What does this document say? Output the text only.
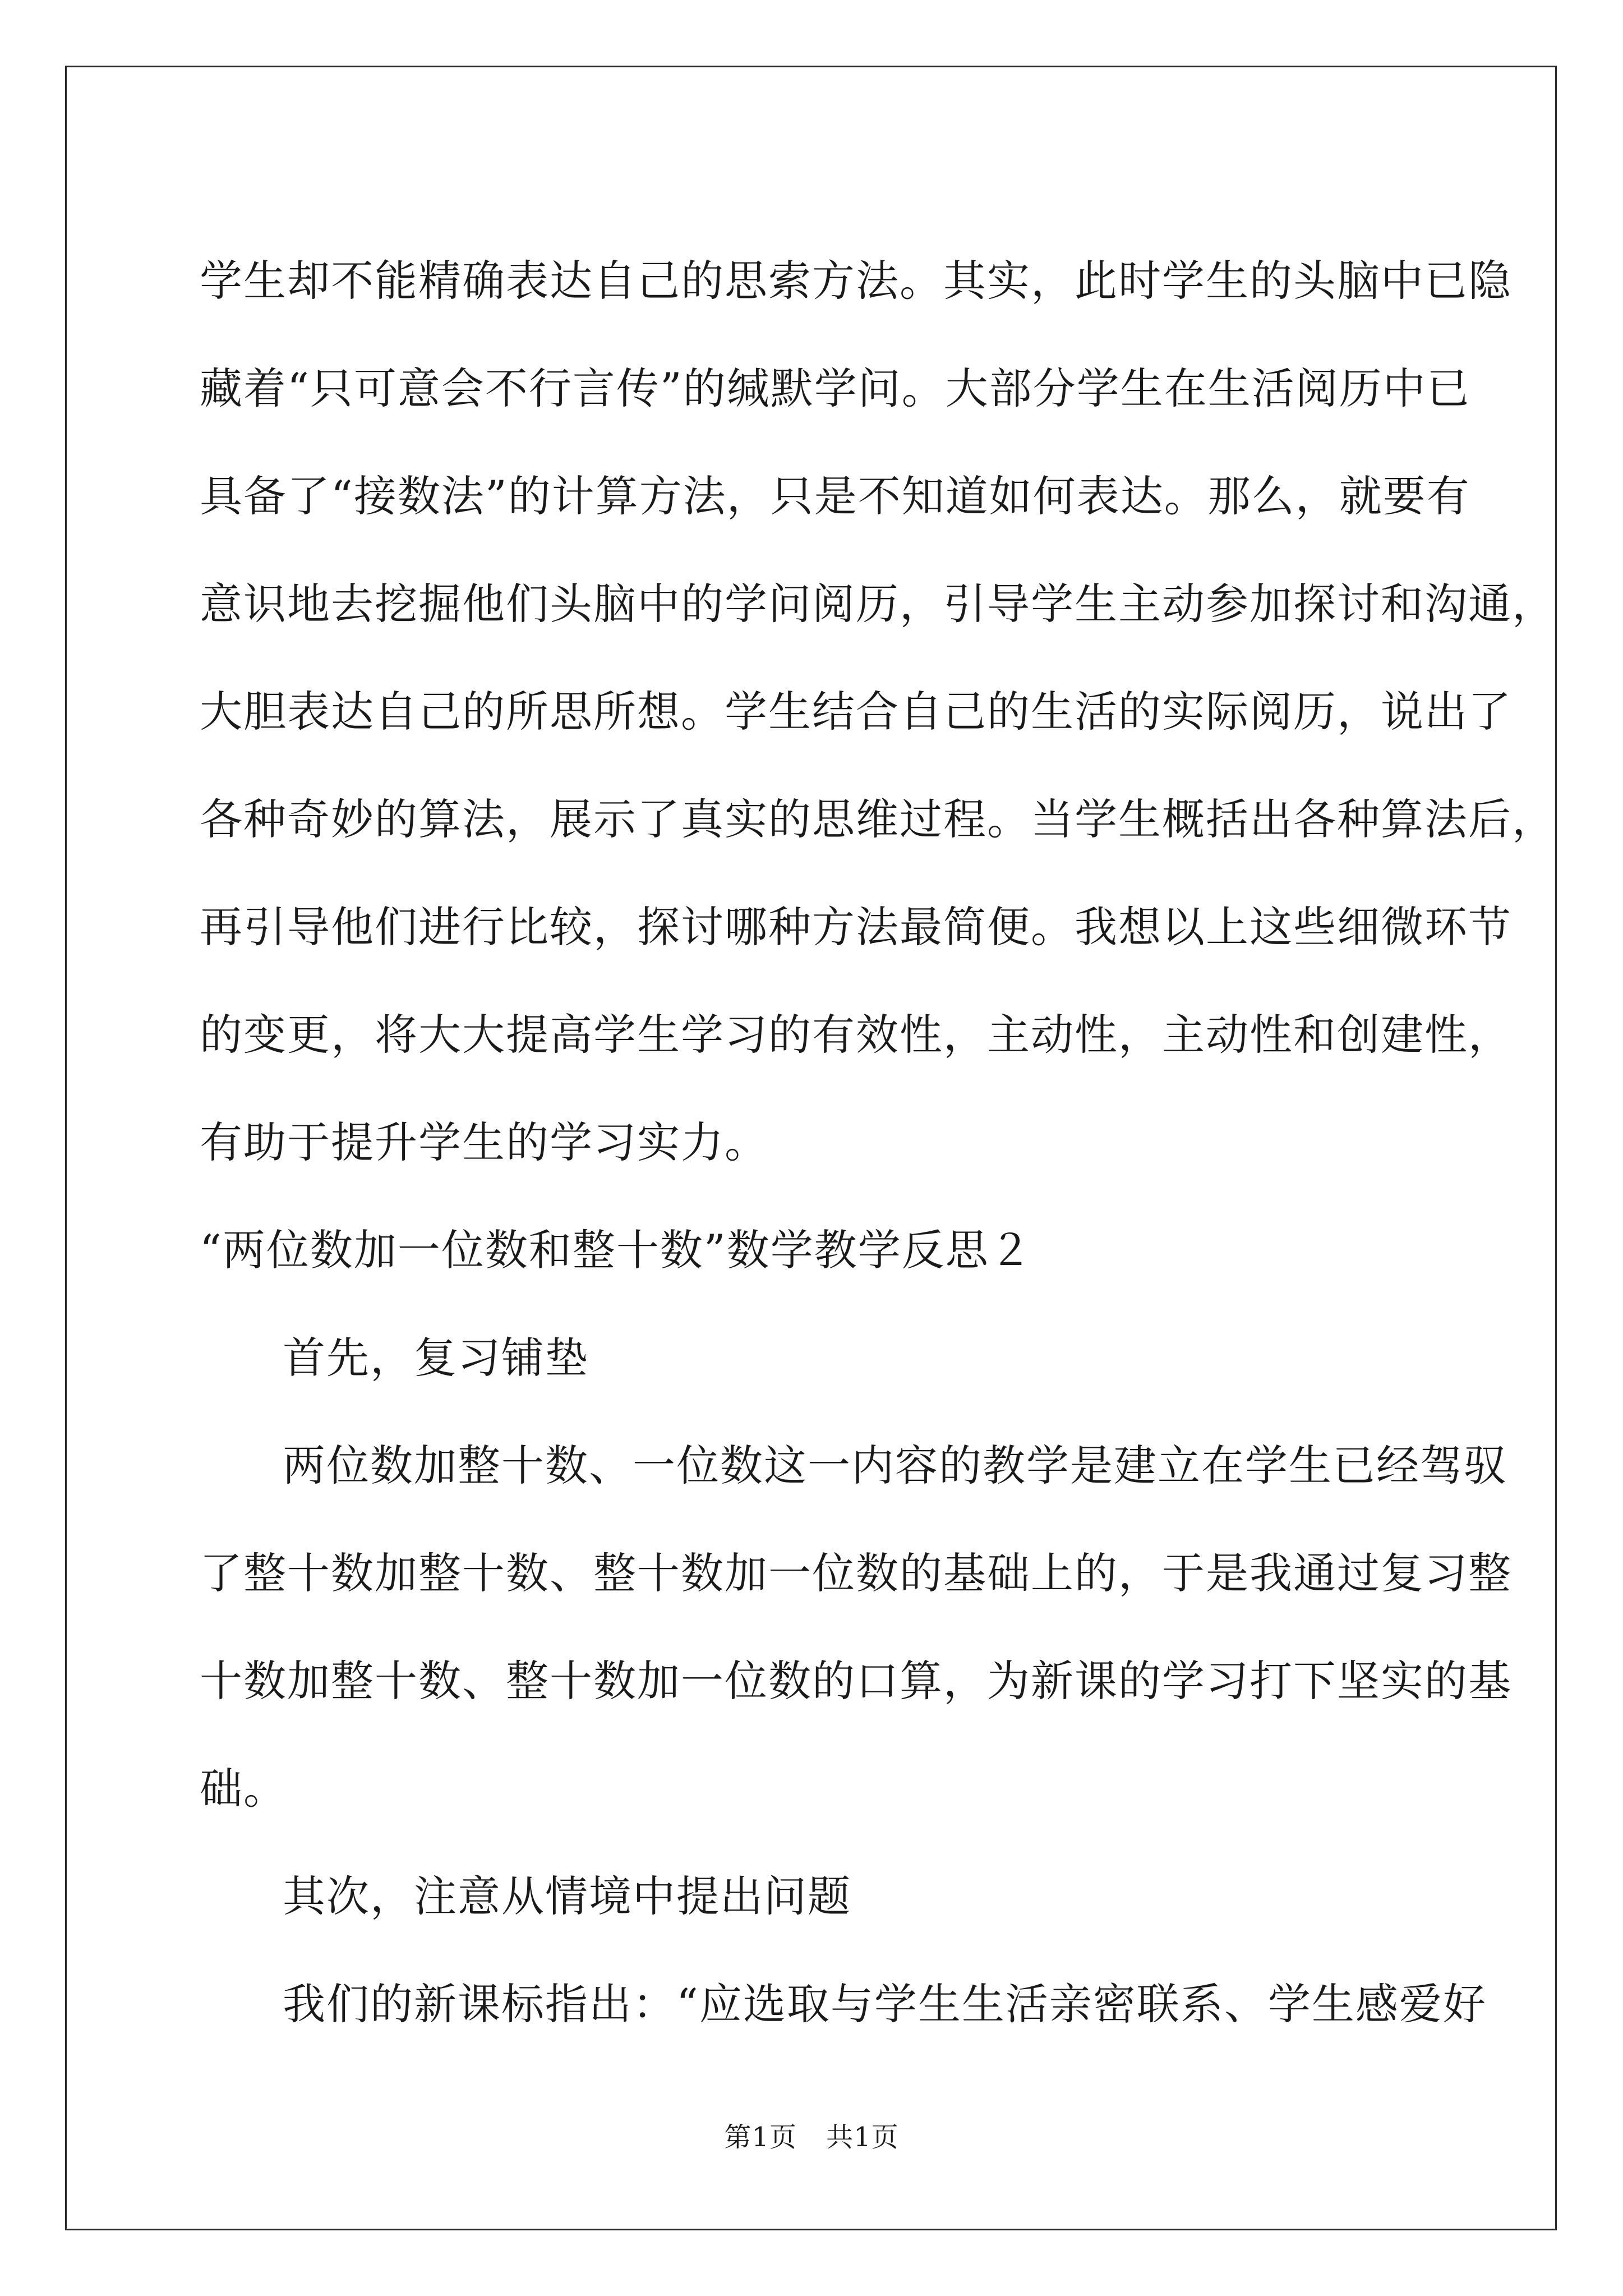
学生却不能精确表达自己的思索方法。其实，此时学生的头脑中已隐
藏着“只可意会不行言传”的缄默学问。大部分学生在生活阅历中已
具备了“接数法”的计算方法，只是不知道如何表达。那么，就要有
意识地去挖掘他们头脑中的学问阅历，引导学生主动参加探讨和沟通，
大胆表达自己的所思所想。学生结合自己的生活的实际阅历，说出了
各种奇妙的算法，展示了真实的思维过程。当学生概括出各种算法后，
再引导他们进行比较，探讨哪种方法最简便。我想以上这些细微环节
的变更，将大大提高学生学习的有效性，主动性，主动性和创建性，
有助于提升学生的学习实力。
“两位数加一位数和整十数”数学教学反思２
首先，复习铺垫
两位数加整十数、一位数这一内容的教学是建立在学生已经驾驭
了整十数加整十数、整十数加一位数的基础上的，于是我通过复习整
十数加整十数、整十数加一位数的口算，为新课的学习打下坚实的基
础。
其次，注意从情境中提出问题
我们的新课标指出：“应选取与学生生活亲密联系、学生感爱好
第1页 共1页
